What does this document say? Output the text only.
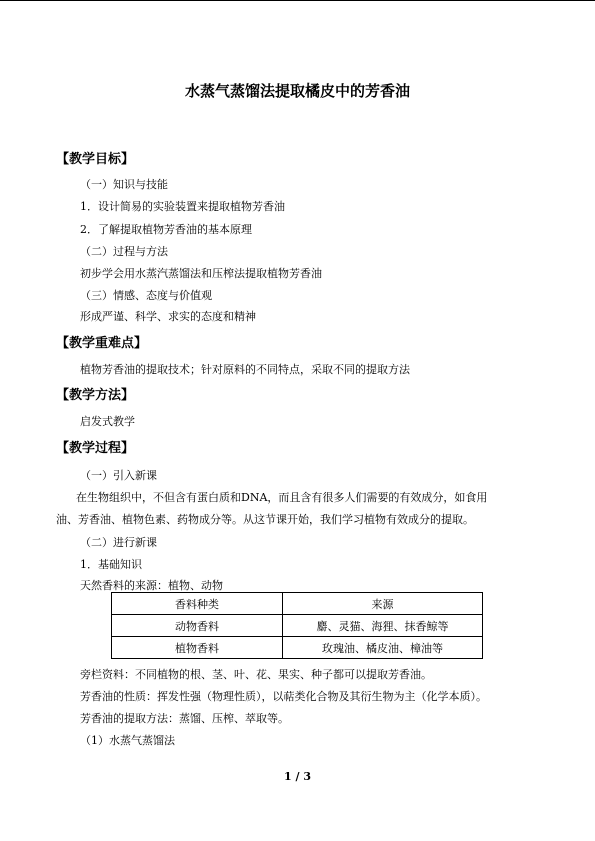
水蒸气蒸馏法提取橘皮中的芳香油
【教学目标】
（一）知识与技能
1．设计简易的实验装置来提取植物芳香油
2．了解提取植物芳香油的基本原理
（二）过程与方法
初步学会用水蒸汽蒸馏法和压榨法提取植物芳香油
（三）情感、态度与价值观
形成严谨、科学、求实的态度和精神
【教学重难点】
植物芳香油的提取技术；针对原料的不同特点，采取不同的提取方法
【教学方法】
启发式教学
【教学过程】
（一）引入新课
在生物组织中，不但含有蛋白质和DNA，而且含有很多人们需要的有效成分，如食用
油、芳香油、植物色素、药物成分等。从这节课开始，我们学习植物有效成分的提取。
（二）进行新课
1．基础知识
天然香料的来源：植物、动物
香料种类	来源
动物香料	麝、灵猫、海狸、抹香鲸等
植物香料	玫瑰油、橘皮油、樟油等
旁栏资料：不同植物的根、茎、叶、花、果实、种子都可以提取芳香油。
芳香油的性质：挥发性强（物理性质），以萜类化合物及其衍生物为主（化学本质）。
芳香油的提取方法：蒸馏、压榨、萃取等。
（1）水蒸气蒸馏法
1 / 3
